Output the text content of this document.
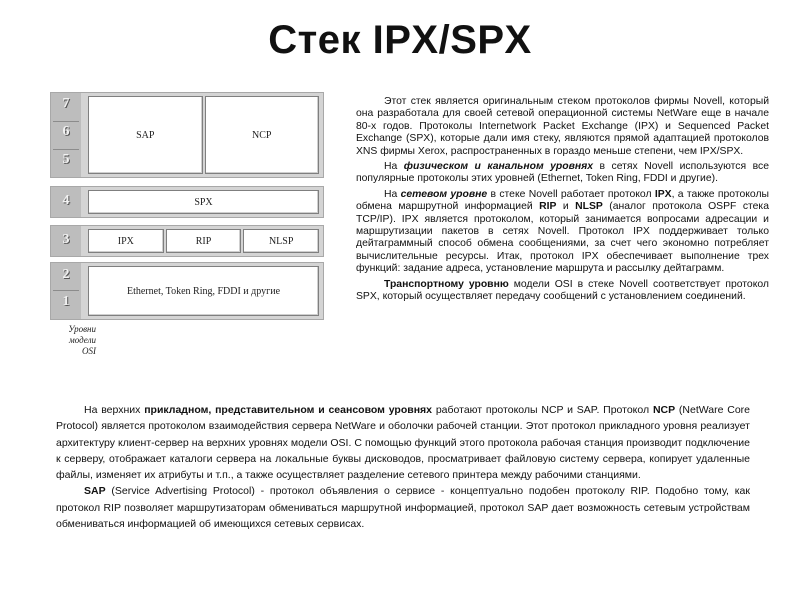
Стек IPX/SPX
7
6
5
SAP	NCP
4	SPX
3	IPX	RIP	NLSP
2
1
Ethernet, Token Ring, FDDI и другие
Уровни
модели
OSI

Этот стек является оригинальным стеком протоколов фирмы Novell, который она разработала для своей сетевой операционной системы NetWare еще в начале 80-х годов. Протоколы Internetwork Packet Exchange (IPX) и Sequenced Packet Exchange (SPX), которые дали имя стеку, являются прямой адаптацией протоколов XNS фирмы Xerox, распространенных в гораздо меньше степени, чем IPX/SPX.

На физическом и канальном уровнях в сетях Novell используются все популярные протоколы этих уровней (Ethernet, Token Ring, FDDI и другие).

На сетевом уровне в стеке Novell работает протокол IPX, а также протоколы обмена маршрутной информацией RIP и NLSP (аналог протокола OSPF стека TCP/IP). IPX является протоколом, который занимается вопросами адресации и маршрутизации пакетов в сетях Novell. Протокол IPX поддерживает только дейтаграммный способ обмена сообщениями, за счет чего экономно потребляет вычислительные ресурсы. Итак, протокол IPX обеспечивает выполнение трех функций: задание адреса, установление маршрута и рассылку дейтаграмм.

Транспортному уровню модели OSI в стеке Novell соответствует протокол SPX, который осуществляет передачу сообщений с установлением соединений.

На верхних прикладном, представительном и сеансовом уровнях работают протоколы NCP и SAP. Протокол NCP (NetWare Core Protocol) является протоколом взаимодействия сервера NetWare и оболочки рабочей станции. Этот протокол прикладного уровня реализует архитектуру клиент-сервер на верхних уровнях модели OSI. С помощью функций этого протокола рабочая станция производит подключение к серверу, отображает каталоги сервера на локальные буквы дисководов, просматривает файловую систему сервера, копирует удаленные файлы, изменяет их атрибуты и т.п., а также осуществляет разделение сетевого принтера между рабочими станциями.

SAP (Service Advertising Protocol) - протокол объявления о сервисе - концептуально подобен протоколу RIP. Подобно тому, как протокол RIP позволяет маршрутизаторам обмениваться маршрутной информацией, протокол SAP дает возможность сетевым устройствам обмениваться информацией об имеющихся сетевых сервисах.
